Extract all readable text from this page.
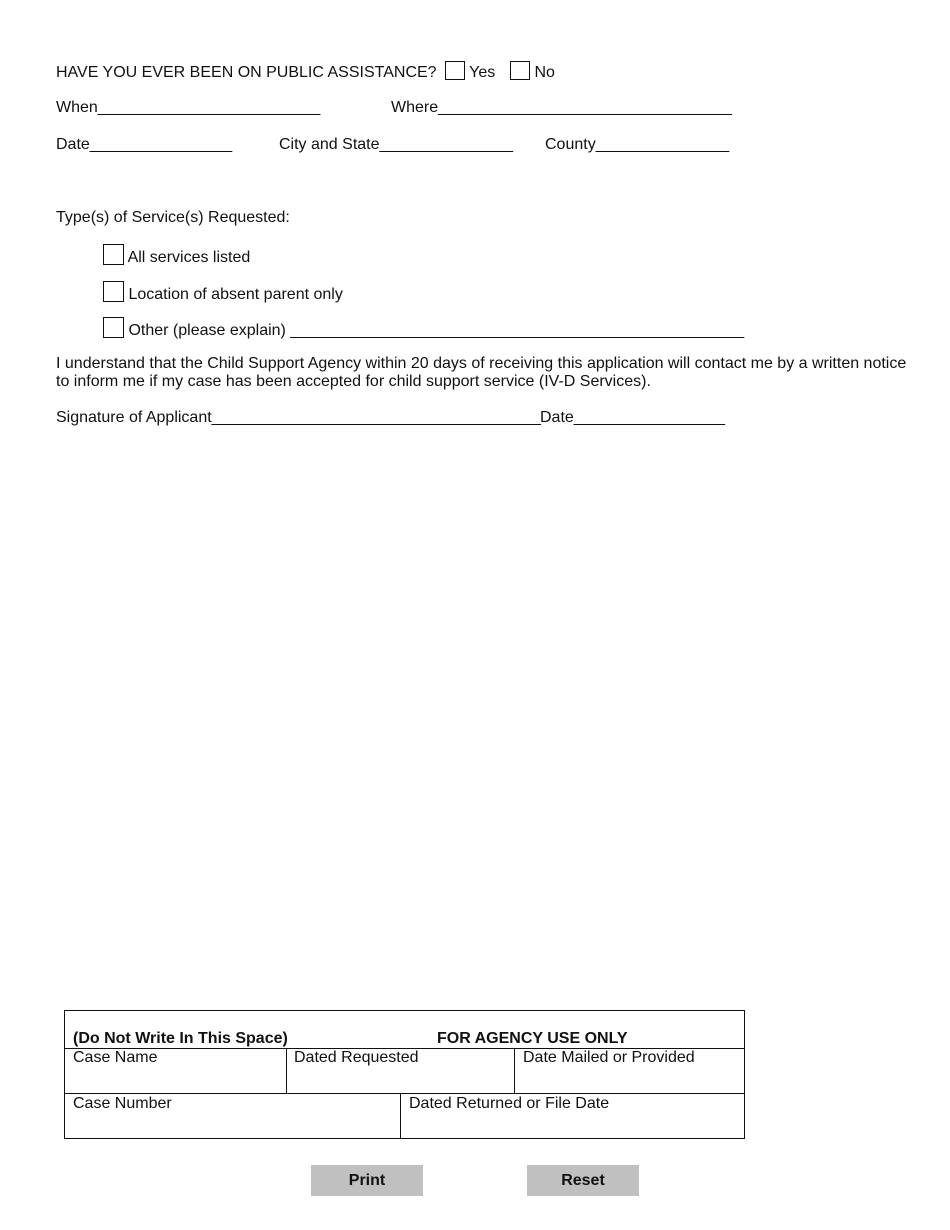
HAVE YOU EVER BEEN ON PUBLIC ASSISTANCE? Yes	No
When_________________________	Where_________________________________
Date________________	City and State_______________ County_______________
Type(s) of Service(s) Requested:
All services listed
Location of absent parent only
Other (please explain) ___________________________________________________
I understand that the Child Support Agency within 20 days of receiving this application will contact me by a written notice to inform me if my case has been accepted for child support service (IV-D Services).
Signature of Applicant_____________________________________ Date_________________
(Do Not Write In This Space)	FOR AGENCY USE ONLY
Case Name	Dated Requested	Date Mailed or Provided
Case Number	Dated Returned or File Date
Print	Reset
